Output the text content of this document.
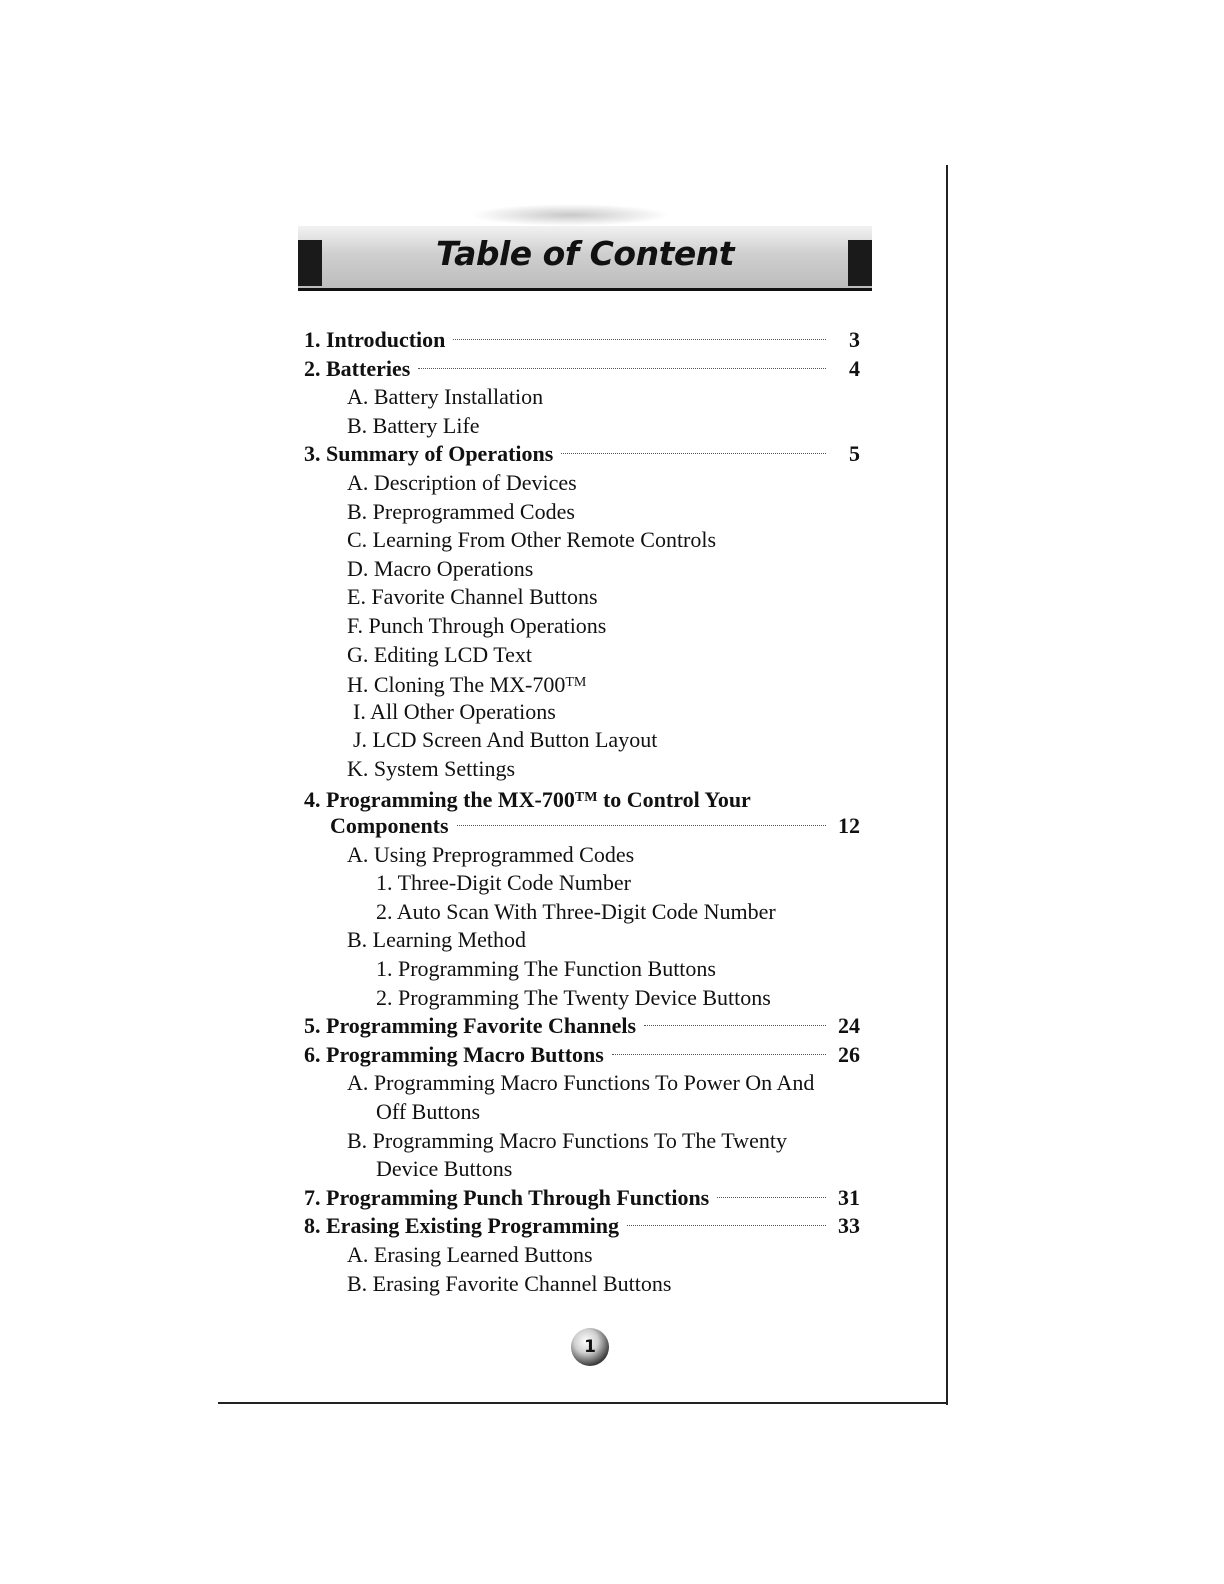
Table of Content
1. Introduction	3
2. Batteries	4
A. Battery Installation
B. Battery Life
3. Summary of Operations	5
A. Description of Devices
B. Preprogrammed Codes
C. Learning From Other Remote Controls
D. Macro Operations
E. Favorite Channel Buttons
F. Punch Through Operations
G. Editing LCD Text
H. Cloning The MX-700™
I. All Other Operations
J. LCD Screen And Button Layout
K. System Settings
4. Programming the MX-700™ to Control Your
Components	12
A. Using Preprogrammed Codes
1. Three-Digit Code Number
2. Auto Scan With Three-Digit Code Number
B. Learning Method
1. Programming The Function Buttons
2. Programming The Twenty Device Buttons
5. Programming Favorite Channels	24
6. Programming Macro Buttons	26
A. Programming Macro Functions To Power On And
Off Buttons
B. Programming Macro Functions To The Twenty
Device Buttons
7. Programming Punch Through Functions	31
8. Erasing Existing Programming	33
A. Erasing Learned Buttons
B. Erasing Favorite Channel Buttons
1
